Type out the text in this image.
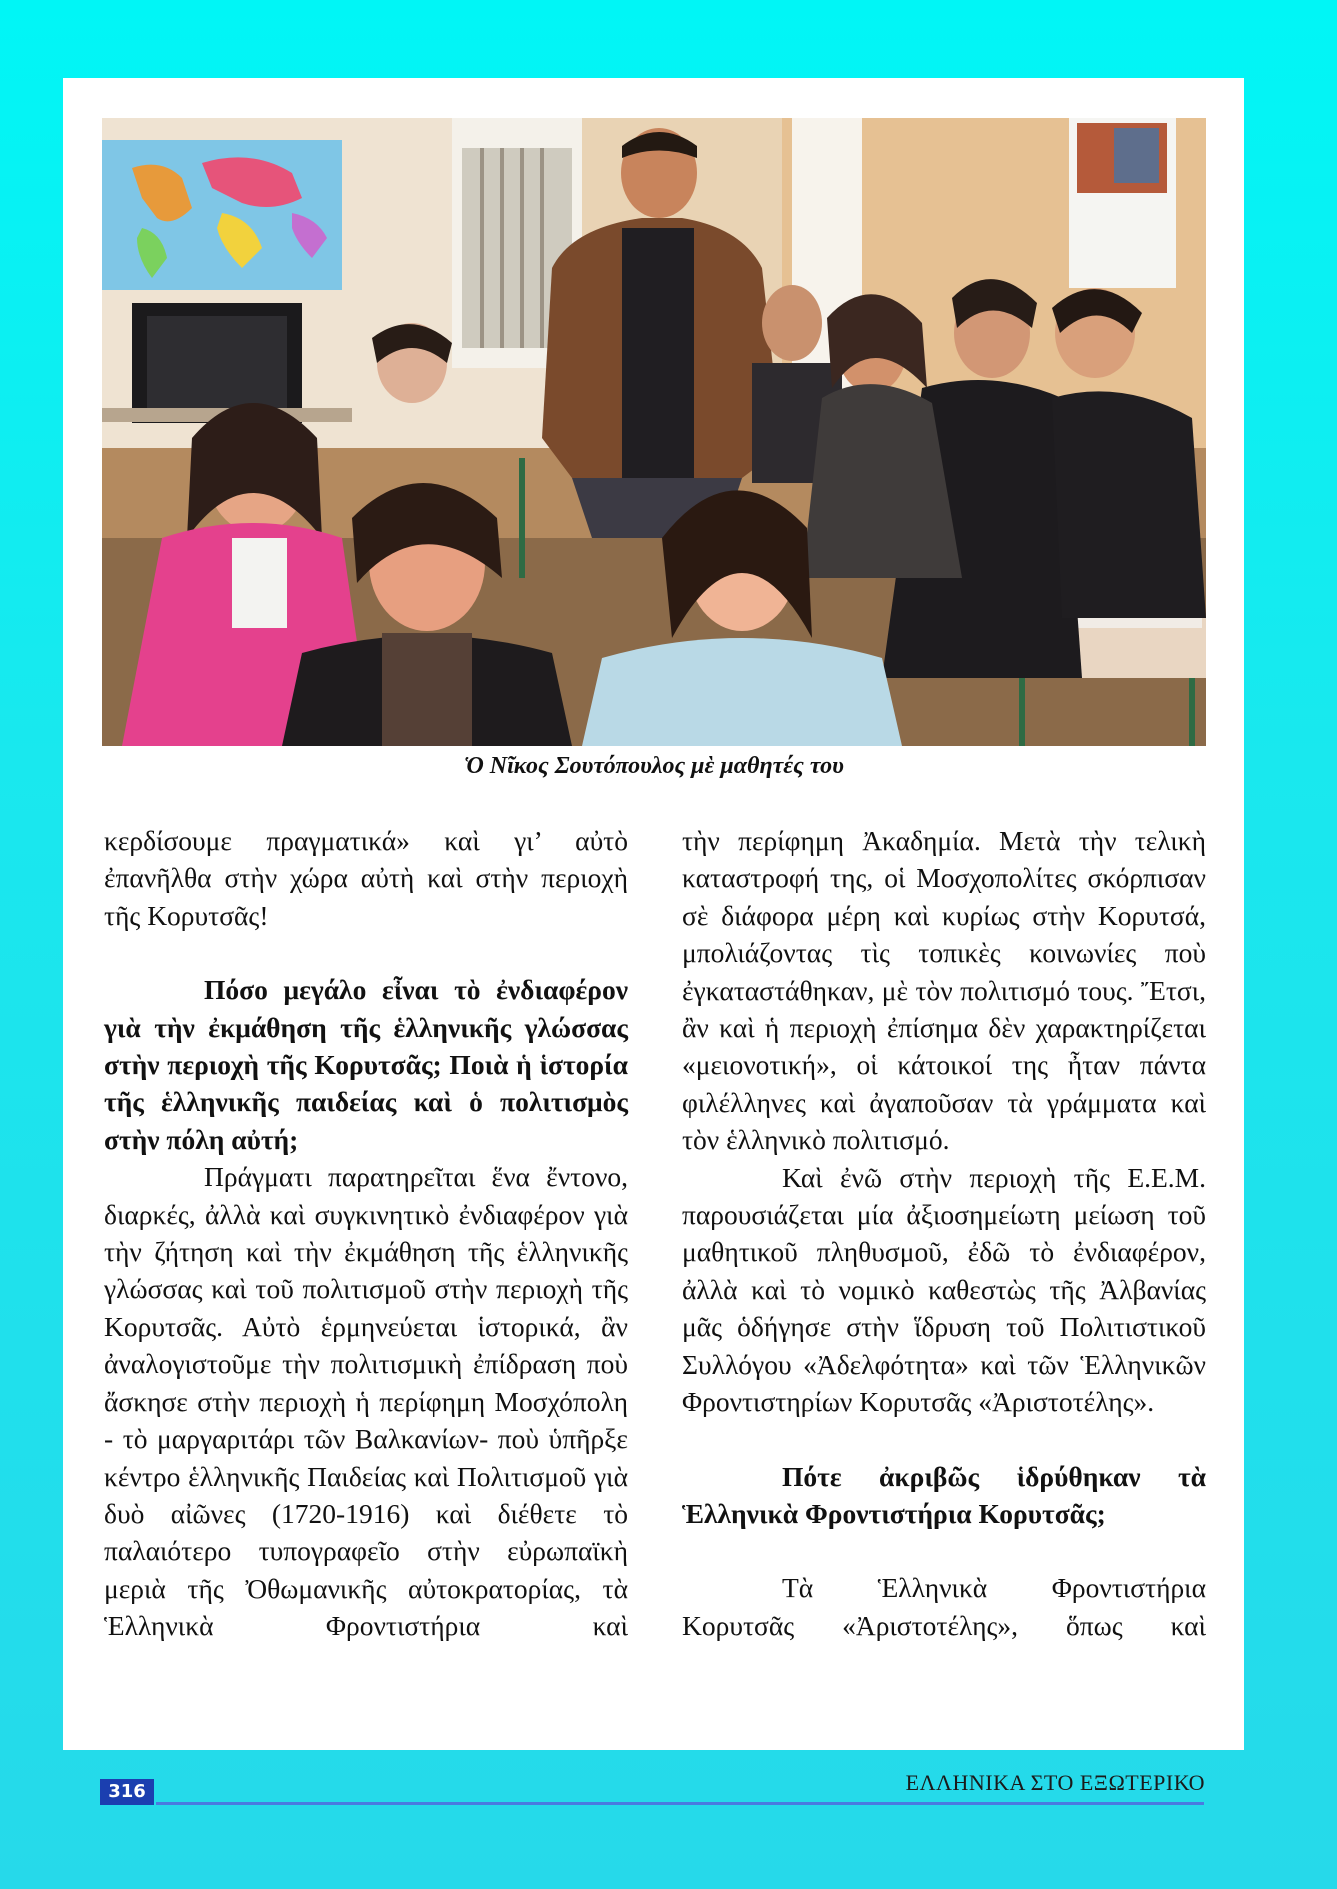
Ὁ Νῖκος Σουτόπουλος μὲ μαθητές του

κερδίσουμε πραγματικά» καὶ γι’ αὐτὸ ἐπανῆλθα στὴν χώρα αὐτὴ καὶ στὴν περιοχὴ τῆς Κορυτσᾶς!

Πόσο μεγάλο εἶναι τὸ ἐνδιαφέρον γιὰ τὴν ἐκμάθηση τῆς ἑλληνικῆς γλώσσας στὴν περιοχὴ τῆς Κορυτσᾶς; Ποιὰ ἡ ἱστορία τῆς ἑλληνικῆς παιδείας καὶ ὁ πολιτισμὸς στὴν πόλη αὐτή;

Πράγματι παρατηρεῖται ἕνα ἔντονο, διαρκές, ἀλλὰ καὶ συγκινητικὸ ἐνδιαφέρον γιὰ τὴν ζήτηση καὶ τὴν ἐκμάθηση τῆς ἑλληνικῆς γλώσσας καὶ τοῦ πολιτισμοῦ στὴν περιοχὴ τῆς Κορυτσᾶς. Αὐτὸ ἑρμηνεύεται ἱστορικά, ἂν ἀναλογιστοῦμε τὴν πολιτισμικὴ ἐπίδραση ποὺ ἄσκησε στὴν περιοχὴ ἡ περίφημη Μοσχόπολη - τὸ μαργαριτάρι τῶν Βαλκανίων- ποὺ ὑπῆρξε κέντρο ἑλληνικῆς Παιδείας καὶ Πολιτισμοῦ γιὰ δυὸ αἰῶνες (1720-1916) καὶ διέθετε τὸ παλαιότερο τυπογραφεῖο στὴν εὐρωπαϊκὴ μεριὰ τῆς Ὀθωμανικῆς αὐτοκρατορίας, τὰ Ἑλληνικὰ Φροντιστήρια καὶ

τὴν περίφημη Ἀκαδημία. Μετὰ τὴν τελικὴ καταστροφή της, οἱ Μοσχοπολίτες σκόρπισαν σὲ διάφορα μέρη καὶ κυρίως στὴν Κορυτσά, μπολιάζοντας τὶς τοπικὲς κοινωνίες ποὺ ἐγκαταστάθηκαν, μὲ τὸν πολιτισμό τους. Ἔτσι, ἂν καὶ ἡ περιοχὴ ἐπίσημα δὲν χαρακτηρίζεται «μειονοτική», οἱ κάτοικοί της ἦταν πάντα φιλέλληνες καὶ ἀγαποῦσαν τὰ γράμματα καὶ τὸν ἑλληνικὸ πολιτισμό.

Καὶ ἐνῶ στὴν περιοχὴ τῆς Ε.Ε.Μ. παρουσιάζεται μία ἀξιοσημείωτη μείωση τοῦ μαθητικοῦ πληθυσμοῦ, ἐδῶ τὸ ἐνδιαφέρον, ἀλλὰ καὶ τὸ νομικὸ καθεστὼς τῆς Ἀλβανίας μᾶς ὁδήγησε στὴν ἵδρυση τοῦ Πολιτιστικοῦ Συλλόγου «Ἀδελφότητα» καὶ τῶν Ἑλληνικῶν Φροντιστηρίων Κορυτσᾶς «Ἀριστοτέλης».

Πότε ἀκριβῶς ἱδρύθηκαν τὰ Ἑλληνικὰ Φροντιστήρια Κορυτσᾶς;

Τὰ Ἑλληνικὰ Φροντιστήρια Κορυτσᾶς «Ἀριστοτέλης», ὅπως καὶ

316	ΕΛΛΗΝΙΚΑ ΣΤΟ ΕΞΩΤΕΡΙΚΟ
